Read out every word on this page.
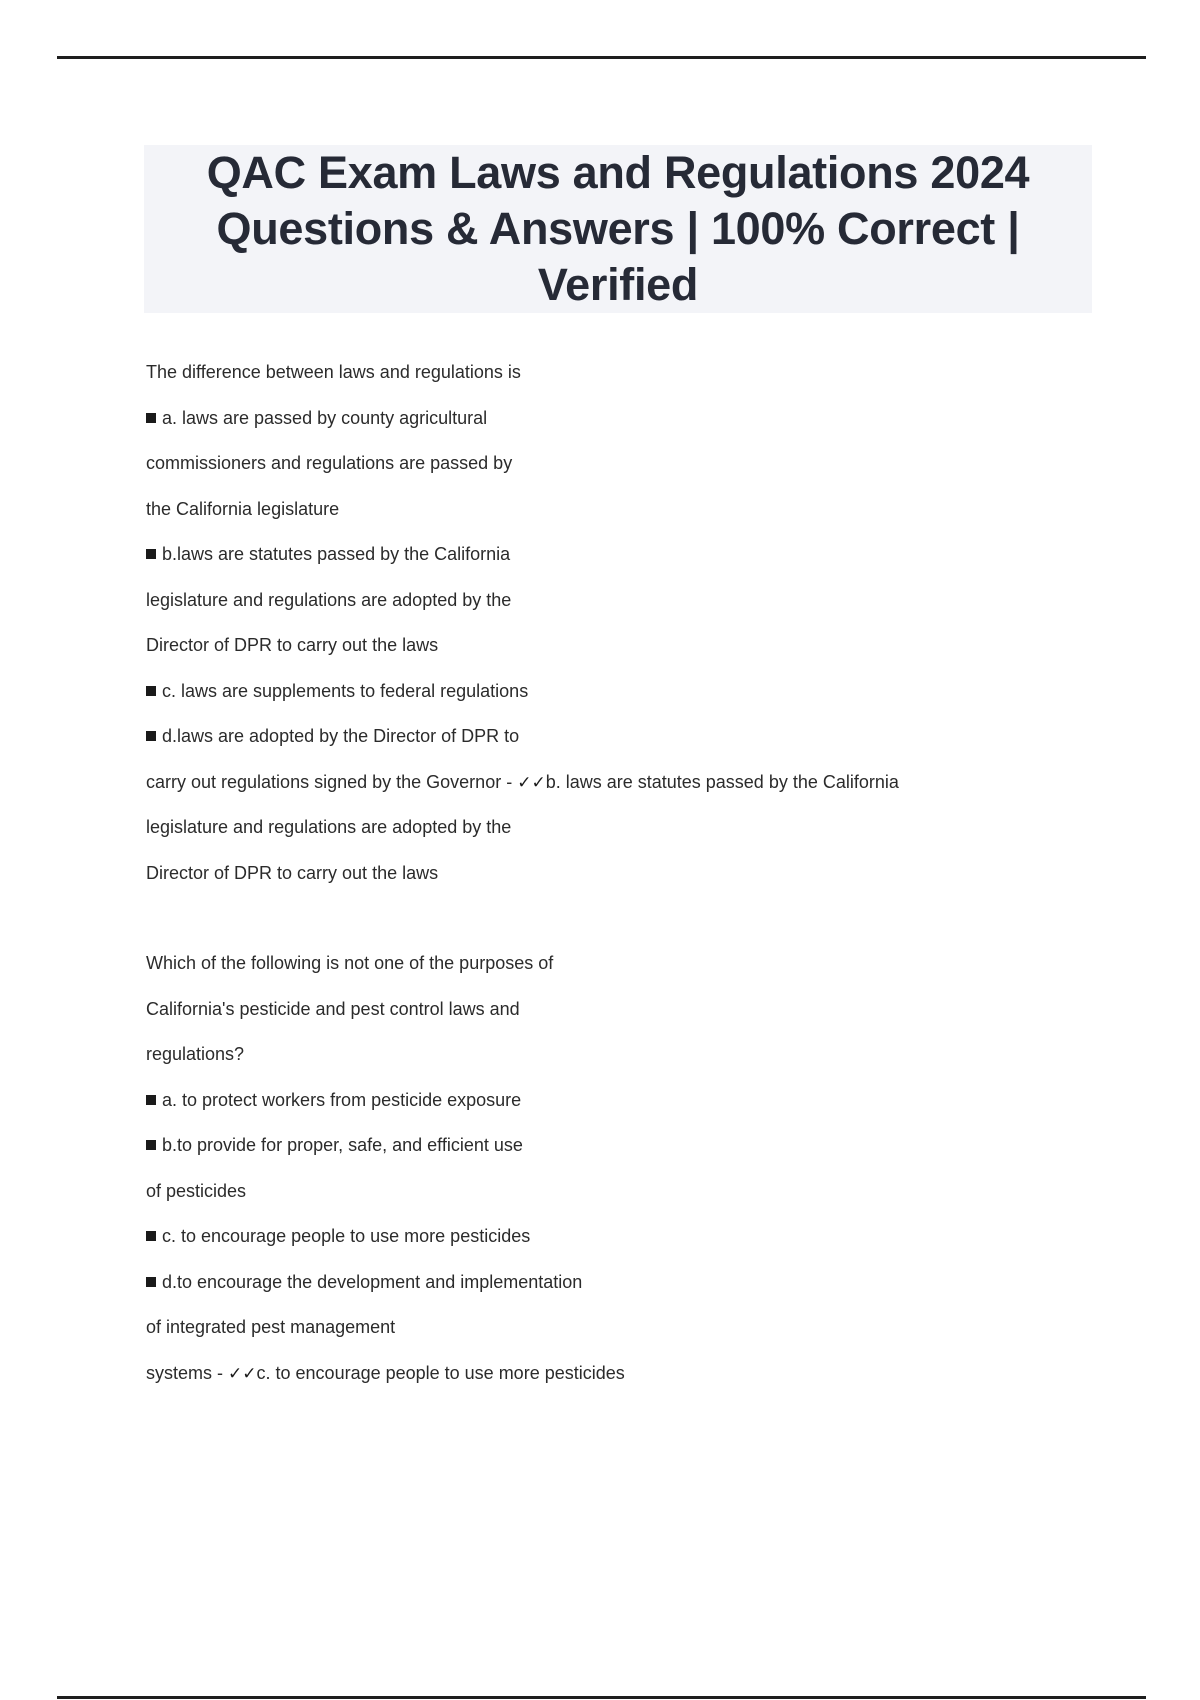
QAC Exam Laws and Regulations 2024
Questions & Answers | 100% Correct |
Verified
The difference between laws and regulations is
a. laws are passed by county agricultural
commissioners and regulations are passed by
the California legislature
b.laws are statutes passed by the California
legislature and regulations are adopted by the
Director of DPR to carry out the laws
c. laws are supplements to federal regulations
d.laws are adopted by the Director of DPR to
carry out regulations signed by the Governor - ✓✓b. laws are statutes passed by the California
legislature and regulations are adopted by the
Director of DPR to carry out the laws
Which of the following is not one of the purposes of
California's pesticide and pest control laws and
regulations?
a. to protect workers from pesticide exposure
b.to provide for proper, safe, and efficient use
of pesticides
c. to encourage people to use more pesticides
d.to encourage the development and implementation
of integrated pest management
systems - ✓✓c. to encourage people to use more pesticides
